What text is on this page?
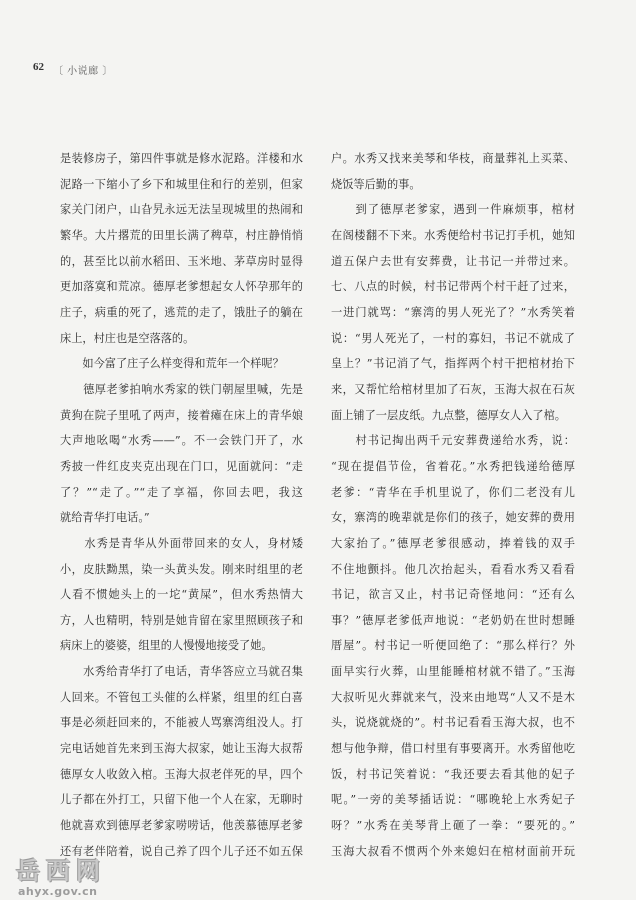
62 〔 小说廊 〕
是装修房子，第四件事就是修水泥路。洋楼和水
泥路一下缩小了乡下和城里住和行的差别，但家
家关门闭户，山旮旯永远无法呈现城里的热闹和
繁华。大片撂荒的田里长满了稗草，村庄静悄悄
的，甚至比以前水稻田、玉米地、茅草房时显得
更加落寞和荒凉。德厚老爹想起女人怀孕那年的
庄子，病重的死了，逃荒的走了，饿肚子的躺在
床上，村庄也是空落落的。
　　如今富了庄子么样变得和荒年一个样呢？
　　德厚老爹拍响水秀家的铁门朝屋里喊，先是
黄狗在院子里吼了两声，接着瘫在床上的青华娘
大声地吆喝“水秀——”。不一会铁门开了，水
秀披一件红皮夹克出现在门口，见面就问：“走
了？”“走了。”“走了享福，你回去吧，我这
就给青华打电话。”
　　水秀是青华从外面带回来的女人，身材矮
小，皮肤黝黑，染一头黄头发。刚来时组里的老
人看不惯她头上的一坨“黄屎”，但水秀热情大
方，人也精明，特别是她肯留在家里照顾孩子和
病床上的婆婆，组里的人慢慢地接受了她。
　　水秀给青华打了电话，青华答应立马就召集
人回来。不管包工头催的么样紧，组里的红白喜
事是必须赶回来的，不能被人骂寨湾组没人。打
完电话她首先来到玉海大叔家，她让玉海大叔帮
德厚女人收敛入棺。玉海大叔老伴死的早，四个
儿子都在外打工，只留下他一个人在家，无聊时
他就喜欢到德厚老爹家唠唠话，他羡慕德厚老爹
还有老伴陪着，说自己养了四个儿子还不如五保
户。水秀又找来美琴和华枝，商量葬礼上买菜、
烧饭等后勤的事。
　　到了德厚老爹家，遇到一件麻烦事，棺材
在阁楼翻不下来。水秀便给村书记打手机，她知
道五保户去世有安葬费，让书记一并带过来。
七、八点的时候，村书记带两个村干赶了过来，
一进门就骂：“寨湾的男人死光了？”水秀笑着
说：“男人死光了，一村的寡妇，书记不就成了
皇上？”书记消了气，指挥两个村干把棺材抬下
来，又帮忙给棺材里加了石灰，玉海大叔在石灰
面上铺了一层皮纸。九点整，德厚女人入了棺。
　　村书记掏出两千元安葬费递给水秀，说：
“现在提倡节俭，省着花。”水秀把钱递给德厚
老爹：“青华在手机里说了，你们二老没有儿
女，寨湾的晚辈就是你们的孩子，她安葬的费用
大家抬了。”德厚老爹很感动，捧着钱的双手
不住地颤抖。他几次抬起头，看看水秀又看看
书记，欲言又止，村书记奇怪地问：“还有么
事？”德厚老爹低声地说：“老奶奶在世时想睡
厝屋”。村书记一听便回绝了：“那么样行？外
面早实行火葬，山里能睡棺材就不错了。”玉海
大叔听见火葬就来气，没来由地骂“人又不是木
头，说烧就烧的”。村书记看看玉海大叔，也不
想与他争辩，借口村里有事要离开。水秀留他吃
饭，村书记笑着说：“我还要去看其他的妃子
呢。”一旁的美琴插话说：“哪晚轮上水秀妃子
呀？”水秀在美琴背上砸了一拳：“要死的。”
玉海大叔看不惯两个外来媳妇在棺材面前开玩
岳西网
ahyx.gov.cn
